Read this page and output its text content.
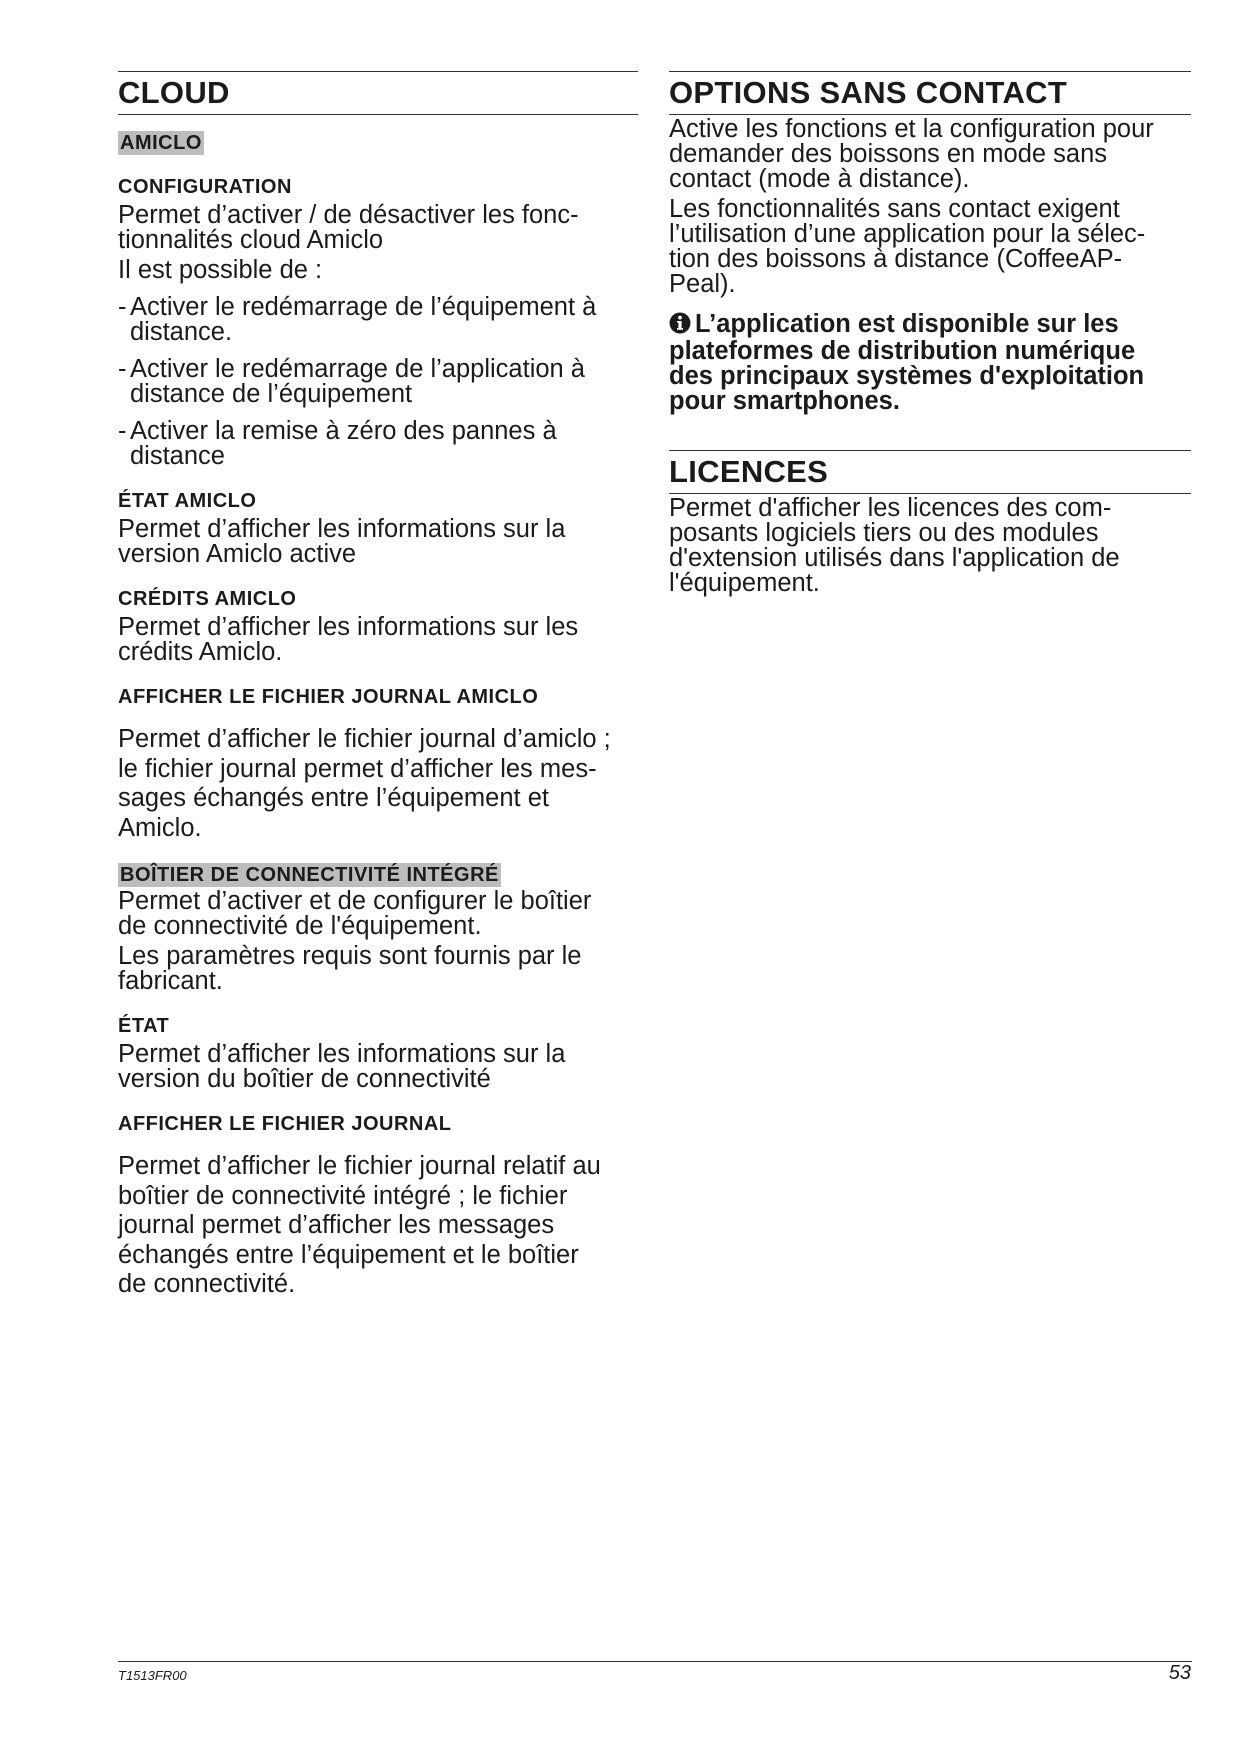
CLOUD
AMICLO
CONFIGURATION

Permet d’activer / de désactiver les fonc-
tionnalités cloud Amiclo

Il est possible de :

- Activer le redémarrage de l’équipement à
distance.
- Activer le redémarrage de l’application à
distance de l’équipement
- Activer la remise à zéro des pannes à
distance
ÉTAT AMICLO

Permet d’afficher les informations sur la
version Amiclo active

CRÉDITS AMICLO

Permet d’afficher les informations sur les
crédits Amiclo.

AFFICHER LE FICHIER JOURNAL AMICLO

Permet d’afficher le fichier journal d’amiclo ;
le fichier journal permet d’afficher les mes-
sages échangés entre l’équipement et
Amiclo.

BOÎTIER DE CONNECTIVITÉ INTÉGRÉ

Permet d’activer et de configurer le boîtier
de connectivité de l'équipement.

Les paramètres requis sont fournis par le
fabricant.

ÉTAT

Permet d’afficher les informations sur la
version du boîtier de connectivité

AFFICHER LE FICHIER JOURNAL

Permet d’afficher le fichier journal relatif au
boîtier de connectivité intégré ; le fichier
journal permet d’afficher les messages
échangés entre l’équipement et le boîtier
de connectivité.

OPTIONS SANS CONTACT

Active les fonctions et la configuration pour
demander des boissons en mode sans
contact (mode à distance).

Les fonctionnalités sans contact exigent
l’utilisation d’une application pour la sélec-
tion des boissons à distance (CoffeeAP-
Peal).

L’application est disponible sur les
plateformes de distribution numérique
des principaux systèmes d'exploitation
pour smartphones.

LICENCES

Permet d'afficher les licences des com-
posants logiciels tiers ou des modules
d'extension utilisés dans l'application de
l'équipement.

T1513FR00	53
